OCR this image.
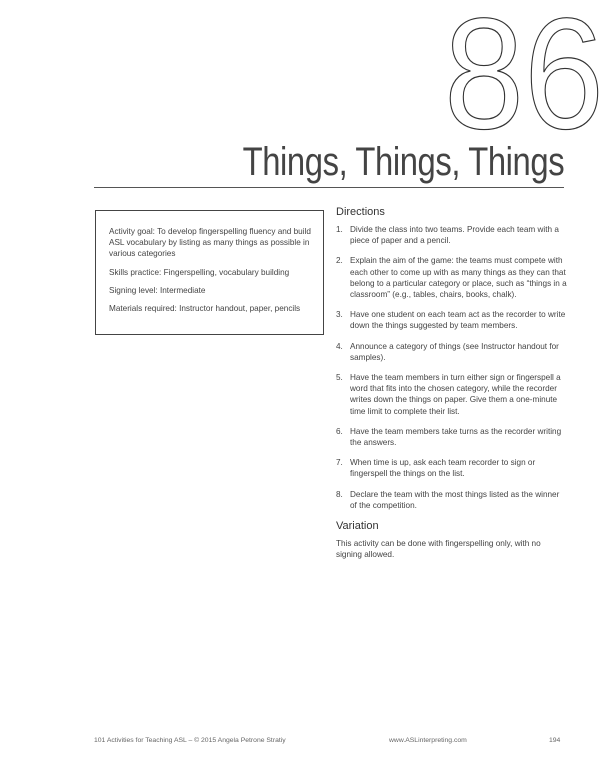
86
Things, Things, Things

Activity goal: To develop fingerspelling fluency and build ASL vocabulary by listing as many things as possible in various categories

Skills practice: Fingerspelling, vocabulary building

Signing level: Intermediate

Materials required: Instructor handout, paper, pencils

Directions
1. Divide the class into two teams. Provide each team with a piece of paper and a pencil.
2. Explain the aim of the game: the teams must compete with each other to come up with as many things as they can that belong to a particular category or place, such as “things in a classroom” (e.g., tables, chairs, books, chalk).
3. Have one student on each team act as the recorder to write down the things suggested by team members.
4. Announce a category of things (see Instructor handout for samples).
5. Have the team members in turn either sign or fingerspell a word that fits into the chosen category, while the recorder writes down the things on paper. Give them a one-minute time limit to complete their list.
6. Have the team members take turns as the recorder writing the answers.
7. When time is up, ask each team recorder to sign or fingerspell the things on the list.
8. Declare the team with the most things listed as the winner of the competition.
Variation

This activity can be done with fingerspelling only, with no signing allowed.

101 Activities for Teaching ASL – © 2015 Angela Petrone Stratiy	www.ASLinterpreting.com	194
